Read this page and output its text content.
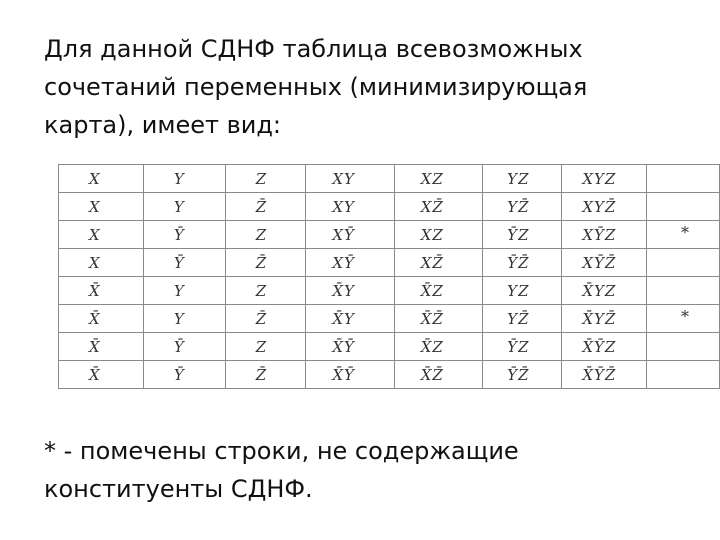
Для данной СДНФ таблица всевозможных
сочетаний переменных (минимизирующая
карта), имеет вид:
X	Y	Z	XY	XZ	YZ	XYZ	
X	Y	Z̄	XY	XZ̄	YZ̄	XYZ̄	
X	Ȳ	Z	XȲ	XZ	ȲZ	XȲZ	*
X	Ȳ	Z̄	XȲ	XZ̄	ȲZ̄	XȲZ̄	
X̄	Y	Z	X̄Y	X̄Z	YZ	X̄YZ	
X̄	Y	Z̄	X̄Y	X̄Z̄	YZ̄	X̄YZ̄	*
X̄	Ȳ	Z	X̄Ȳ	X̄Z	ȲZ	X̄ȲZ	
X̄	Ȳ	Z̄	X̄Ȳ	X̄Z̄	ȲZ̄	X̄ȲZ̄	
* - помечены строки, не содержащие
конституенты СДНФ.
